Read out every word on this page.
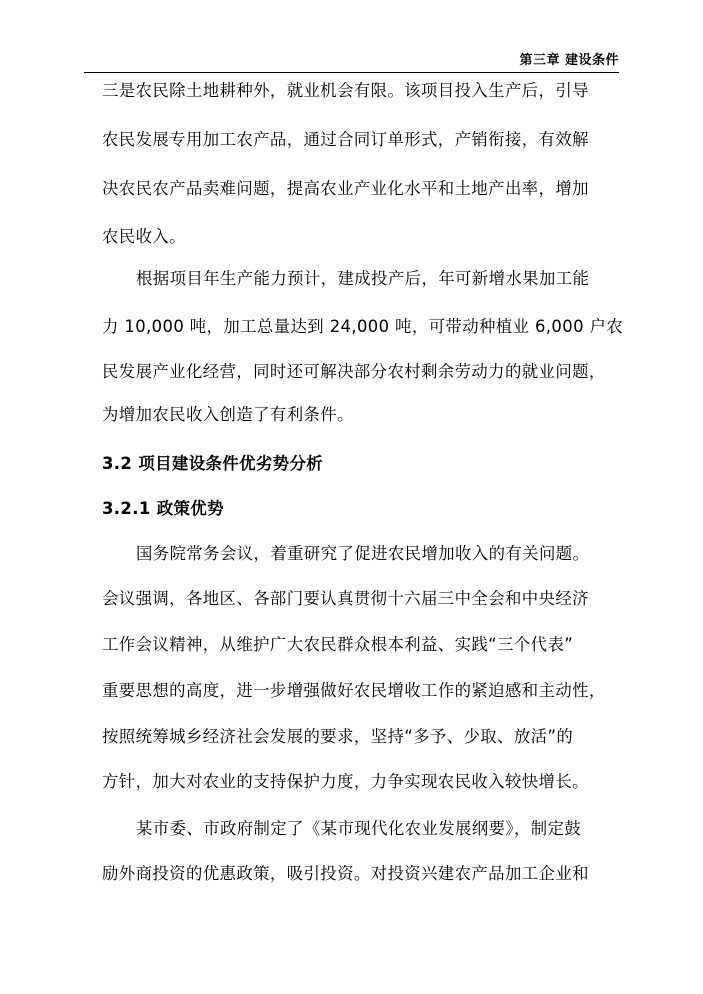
第三章 建设条件
三是农民除土地耕种外，就业机会有限。该项目投入生产后，引导
农民发展专用加工农产品，通过合同订单形式，产销衔接，有效解
决农民农产品卖难问题，提高农业产业化水平和土地产出率，增加
农民收入。
根据项目年生产能力预计，建成投产后，年可新增水果加工能
力 10,000 吨，加工总量达到 24,000 吨，可带动种植业 6,000 户农
民发展产业化经营，同时还可解决部分农村剩余劳动力的就业问题，
为增加农民收入创造了有利条件。
3.2 项目建设条件优劣势分析
3.2.1 政策优势
国务院常务会议，着重研究了促进农民增加收入的有关问题。
会议强调，各地区、各部门要认真贯彻十六届三中全会和中央经济
工作会议精神，从维护广大农民群众根本利益、实践“三个代表”
重要思想的高度，进一步增强做好农民增收工作的紧迫感和主动性，
按照统筹城乡经济社会发展的要求，坚持“多予、少取、放活”的
方针，加大对农业的支持保护力度，力争实现农民收入较快增长。
某市委、市政府制定了《某市现代化农业发展纲要》，制定鼓
励外商投资的优惠政策，吸引投资。对投资兴建农产品加工企业和
